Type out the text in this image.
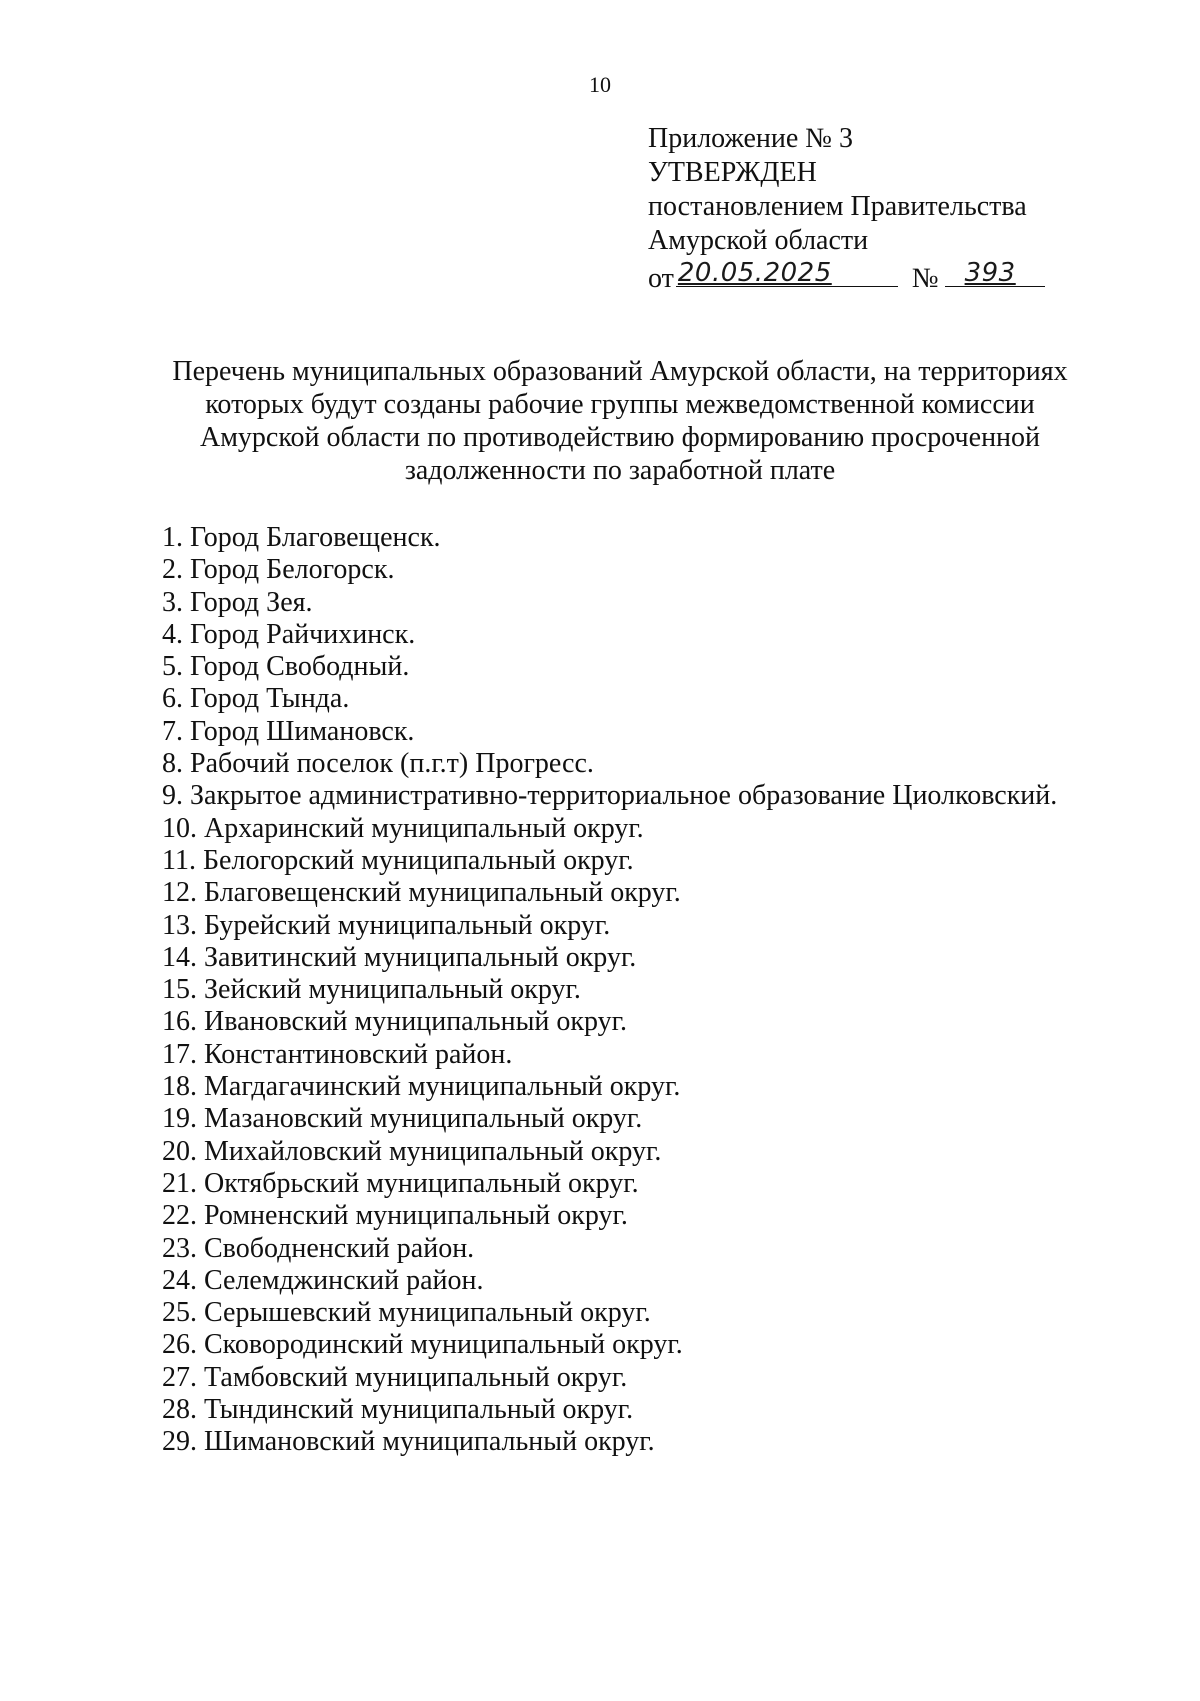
10
Приложение № 3
УТВЕРЖДЕН
постановлением Правительства
Амурской области
от 20.05.2025	№ 393
Перечень муниципальных образований Амурской области, на территориях
которых будут созданы рабочие группы межведомственной комиссии
Амурской области по противодействию формированию просроченной
задолженности по заработной плате
1. Город Благовещенск.
2. Город Белогорск.
3. Город Зея.
4. Город Райчихинск.
5. Город Свободный.
6. Город Тында.
7. Город Шимановск.
8. Рабочий поселок (п.г.т) Прогресс.
9. Закрытое административно-территориальное образование Циолковский.
10. Архаринский муниципальный округ.
11. Белогорский муниципальный округ.
12. Благовещенский муниципальный округ.
13. Бурейский муниципальный округ.
14. Завитинский муниципальный округ.
15. Зейский муниципальный округ.
16. Ивановский муниципальный округ.
17. Константиновский район.
18. Магдагачинский муниципальный округ.
19. Мазановский муниципальный округ.
20. Михайловский муниципальный округ.
21. Октябрьский муниципальный округ.
22. Ромненский муниципальный округ.
23. Свободненский район.
24. Селемджинский район.
25. Серышевский муниципальный округ.
26. Сковородинский муниципальный округ.
27. Тамбовский муниципальный округ.
28. Тындинский муниципальный округ.
29. Шимановский муниципальный округ.
